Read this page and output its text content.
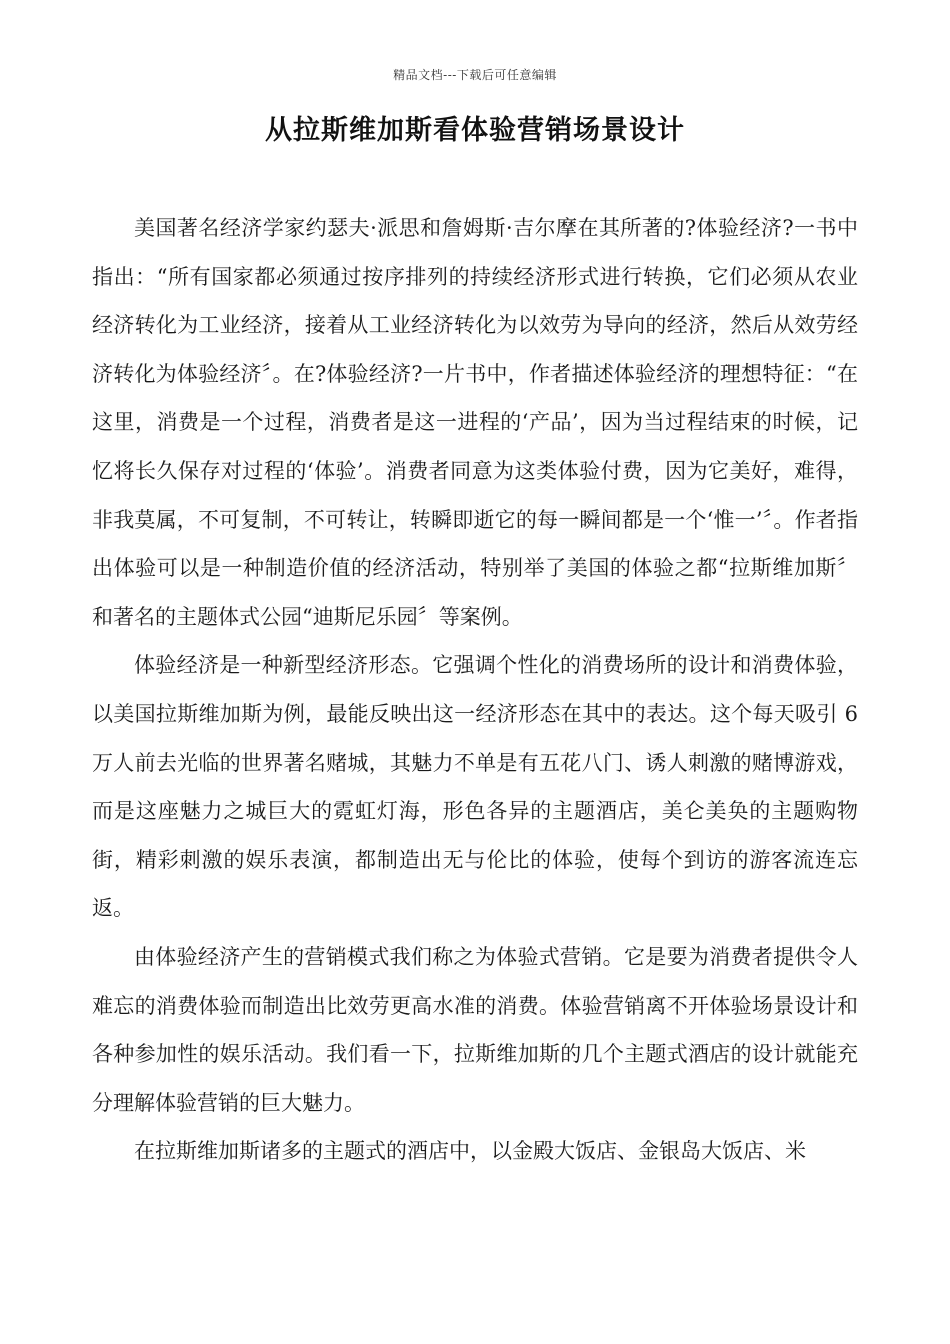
精品文档---下载后可任意编辑
从拉斯维加斯看体验营销场景设计

美国著名经济学家约瑟夫·派思和詹姆斯·吉尔摩在其所著的?体验经济?一书中指出：“所有国家都必须通过按序排列的持续经济形式进行转换，它们必须从农业经济转化为工业经济，接着从工业经济转化为以效劳为导向的经济，然后从效劳经济转化为体验经济〞。在?体验经济?一片书中，作者描述体验经济的理想特征：“在这里，消费是一个过程，消费者是这一进程的‘产品’，因为当过程结束的时候，记忆将长久保存对过程的‘体验’。消费者同意为这类体验付费，因为它美好，难得，非我莫属，不可复制，不可转让，转瞬即逝它的每一瞬间都是一个‘惟一’〞。作者指出体验可以是一种制造价值的经济活动，特别举了美国的体验之都“拉斯维加斯〞和著名的主题体式公园“迪斯尼乐园〞等案例。

体验经济是一种新型经济形态。它强调个性化的消费场所的设计和消费体验，以美国拉斯维加斯为例，最能反映出这一经济形态在其中的表达。这个每天吸引 6 万人前去光临的世界著名赌城，其魅力不单是有五花八门、诱人刺激的赌博游戏，而是这座魅力之城巨大的霓虹灯海，形色各异的主题酒店，美仑美奂的主题购物街，精彩刺激的娱乐表演，都制造出无与伦比的体验，使每个到访的游客流连忘返。

由体验经济产生的营销模式我们称之为体验式营销。它是要为消费者提供令人难忘的消费体验而制造出比效劳更高水准的消费。体验营销离不开体验场景设计和各种参加性的娱乐活动。我们看一下，拉斯维加斯的几个主题式酒店的设计就能充分理解体验营销的巨大魅力。

在拉斯维加斯诸多的主题式的酒店中，以金殿大饭店、金银岛大饭店、米
